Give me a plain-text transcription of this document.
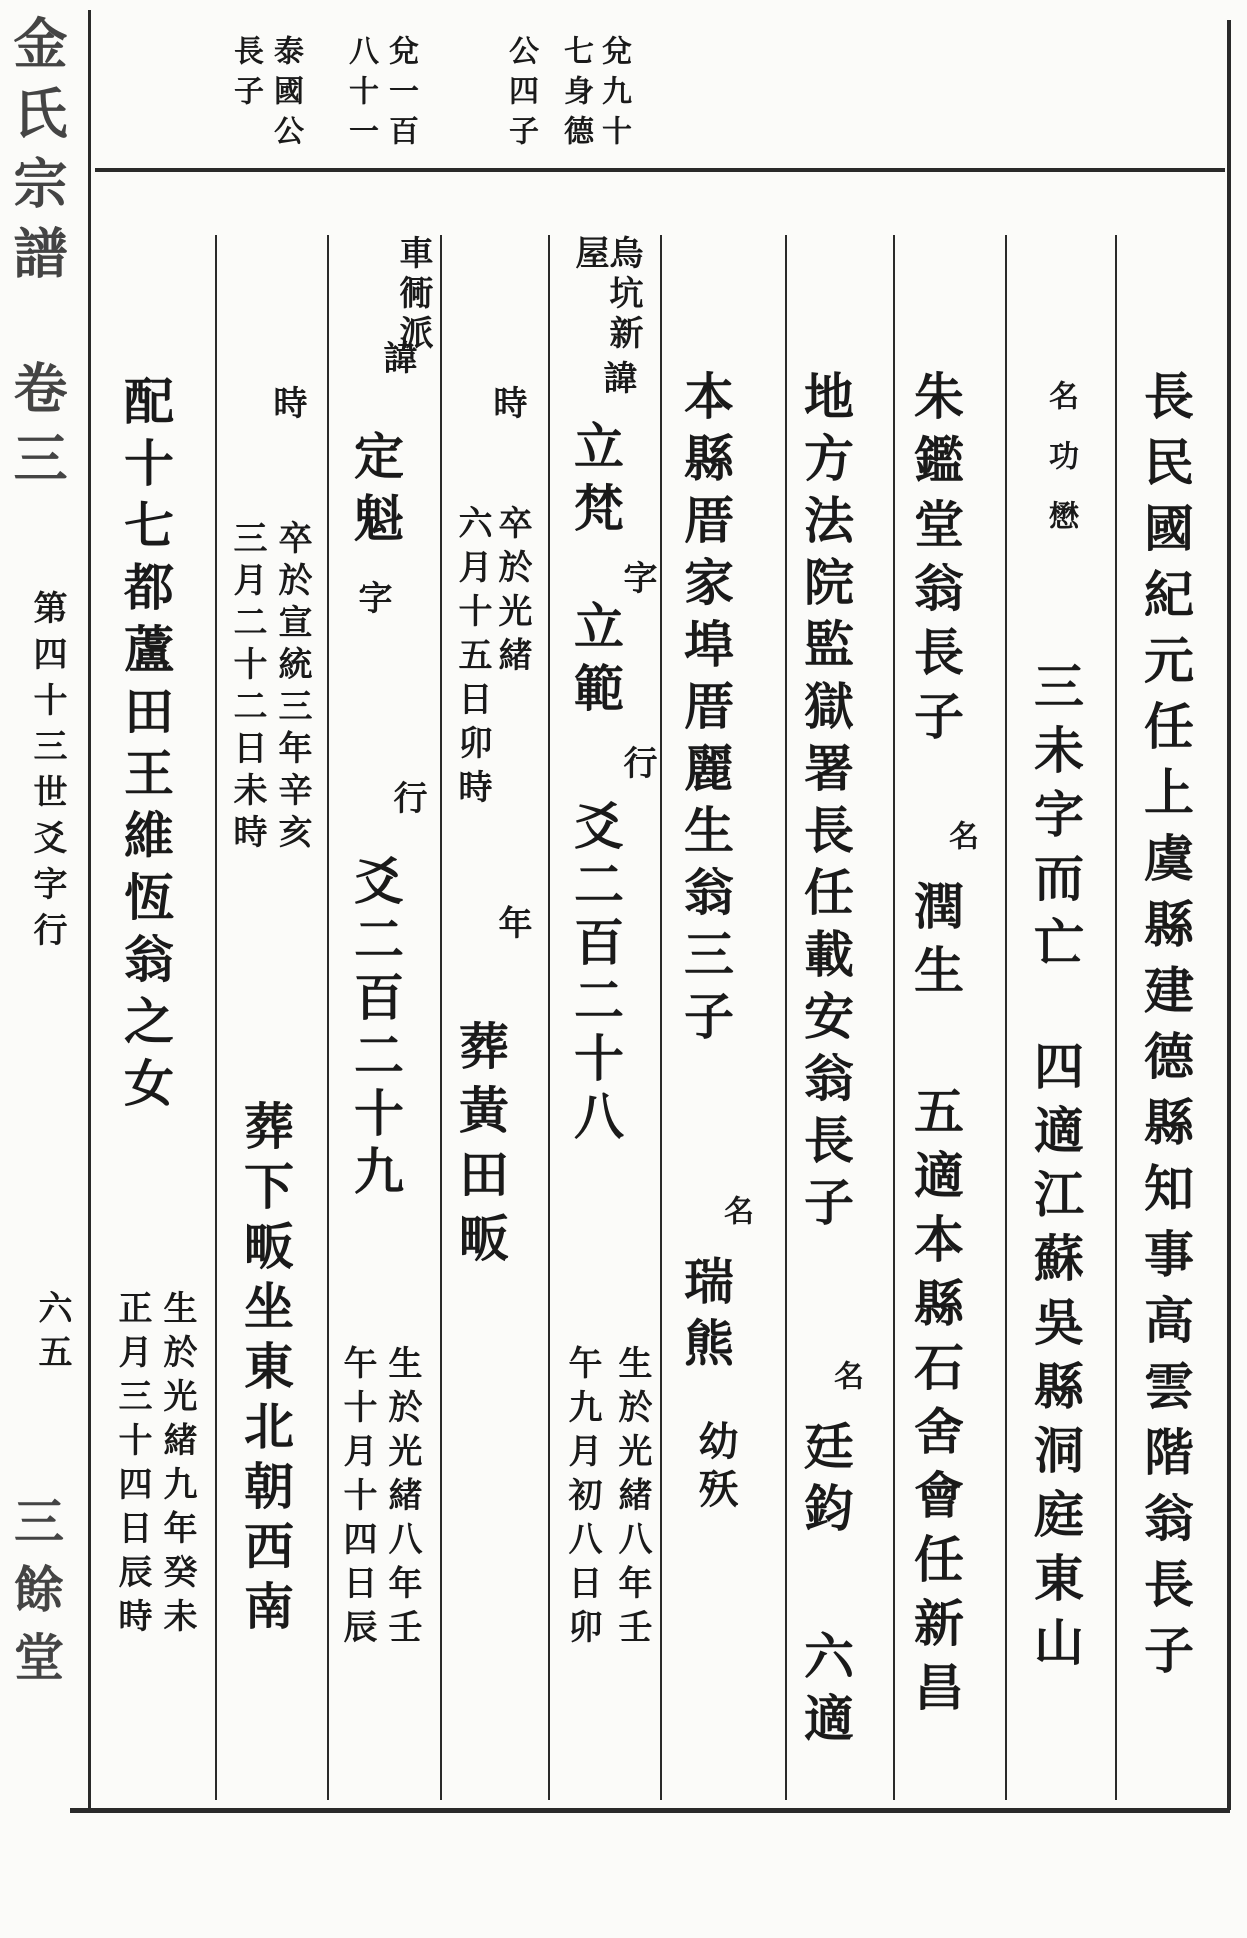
金氏宗譜
卷三
第四十三世爻字行
六五
三餘堂
兌九十
七身德
公四子
兌一百
八十一
泰國公
長子
長民國紀元任上虞縣建德縣知事高雲階翁長子
名功懋
三未字而亡
四適江蘇吳縣洞庭東山
朱鑑堂翁長子
名
潤生
五適本縣石舍會任新昌
地方法院監獄署長任載安翁長子
名
廷鈞
六適
本縣厝家埠厝麗生翁三子
名
瑞熊
幼殀
烏坑新屋
諱
立梵
字
立範
行
爻二百二十八
生於光緒八年壬
午九月初八日卯
時
卒於光緒
六月十五日卯時
年
葬黃田畈
車衕派
諱
定魁
字
行
爻二百二十九
生於光緒八年壬
午十月十四日辰
時
卒於宣統三年辛亥
三月二十二日未時
葬下畈坐東北朝西南
配十七都蘆田王維恆翁之女
生於光緒九年癸未
正月三十四日辰時
